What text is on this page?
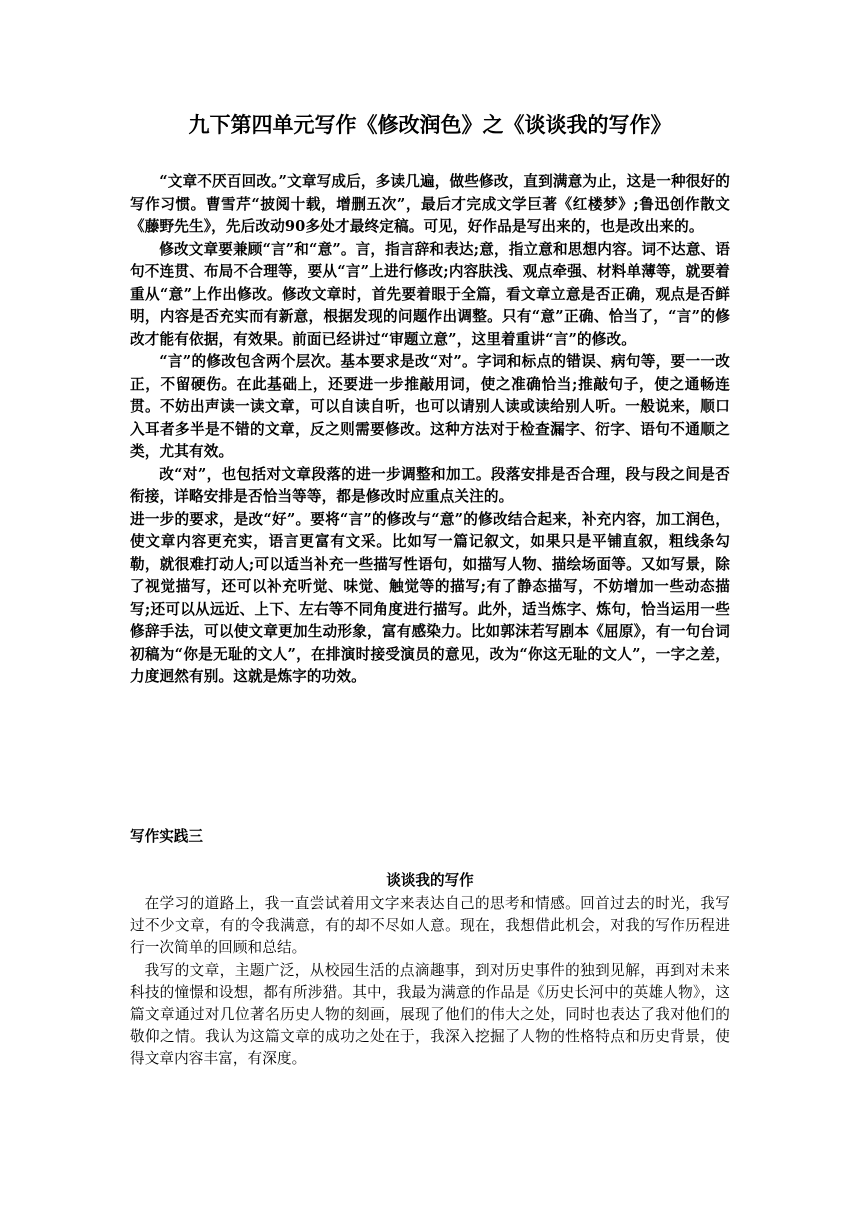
九下第四单元写作《修改润色》之《谈谈我的写作》

“文章不厌百回改。”文章写成后，多读几遍，做些修改，直到满意为止，这是一种很好的写作习惯。曹雪芹“披阅十载，增删五次”，最后才完成文学巨著《红楼梦》;鲁迅创作散文《藤野先生》，先后改动90多处才最终定稿。可见，好作品是写出来的，也是改出来的。

修改文章要兼顾“言”和“意”。言，指言辞和表达;意，指立意和思想内容。词不达意、语句不连贯、布局不合理等，要从“言”上进行修改;内容肤浅、观点牵强、材料单薄等，就要着重从“意”上作出修改。修改文章时，首先要着眼于全篇，看文章立意是否正确，观点是否鲜明，内容是否充实而有新意，根据发现的问题作出调整。只有“意”正确、恰当了，“言”的修改才能有依据，有效果。前面已经讲过“审题立意”，这里着重讲“言”的修改。

“言”的修改包含两个层次。基本要求是改“对”。字词和标点的错误、病句等，要一一改正，不留硬伤。在此基础上，还要进一步推敲用词，使之准确恰当;推敲句子，使之通畅连贯。不妨出声读一读文章，可以自读自听，也可以请别人读或读给别人听。一般说来，顺口入耳者多半是不错的文章，反之则需要修改。这种方法对于检查漏字、衍字、语句不通顺之类，尤其有效。

改“对”，也包括对文章段落的进一步调整和加工。段落安排是否合理，段与段之间是否衔接，详略安排是否恰当等等，都是修改时应重点关注的。

进一步的要求，是改“好”。要将“言”的修改与“意”的修改结合起来，补充内容，加工润色，使文章内容更充实，语言更富有文采。比如写一篇记叙文，如果只是平铺直叙，粗线条勾勒，就很难打动人;可以适当补充一些描写性语句，如描写人物、描绘场面等。又如写景，除了视觉描写，还可以补充听觉、味觉、触觉等的描写;有了静态描写，不妨增加一些动态描写;还可以从远近、上下、左右等不同角度进行描写。此外，适当炼字、炼句，恰当运用一些修辞手法，可以使文章更加生动形象，富有感染力。比如郭沫若写剧本《屈原》，有一句台词初稿为“你是无耻的文人”，在排演时接受演员的意见，改为“你这无耻的文人”，一字之差，力度迥然有别。这就是炼字的功效。

写作实践三
谈谈我的写作

在学习的道路上，我一直尝试着用文字来表达自己的思考和情感。回首过去的时光，我写过不少文章，有的令我满意，有的却不尽如人意。现在，我想借此机会，对我的写作历程进行一次简单的回顾和总结。

我写的文章，主题广泛，从校园生活的点滴趣事，到对历史事件的独到见解，再到对未来科技的憧憬和设想，都有所涉猎。其中，我最为满意的作品是《历史长河中的英雄人物》，这篇文章通过对几位著名历史人物的刻画，展现了他们的伟大之处，同时也表达了我对他们的敬仰之情。我认为这篇文章的成功之处在于，我深入挖掘了人物的性格特点和历史背景，使得文章内容丰富，有深度。
